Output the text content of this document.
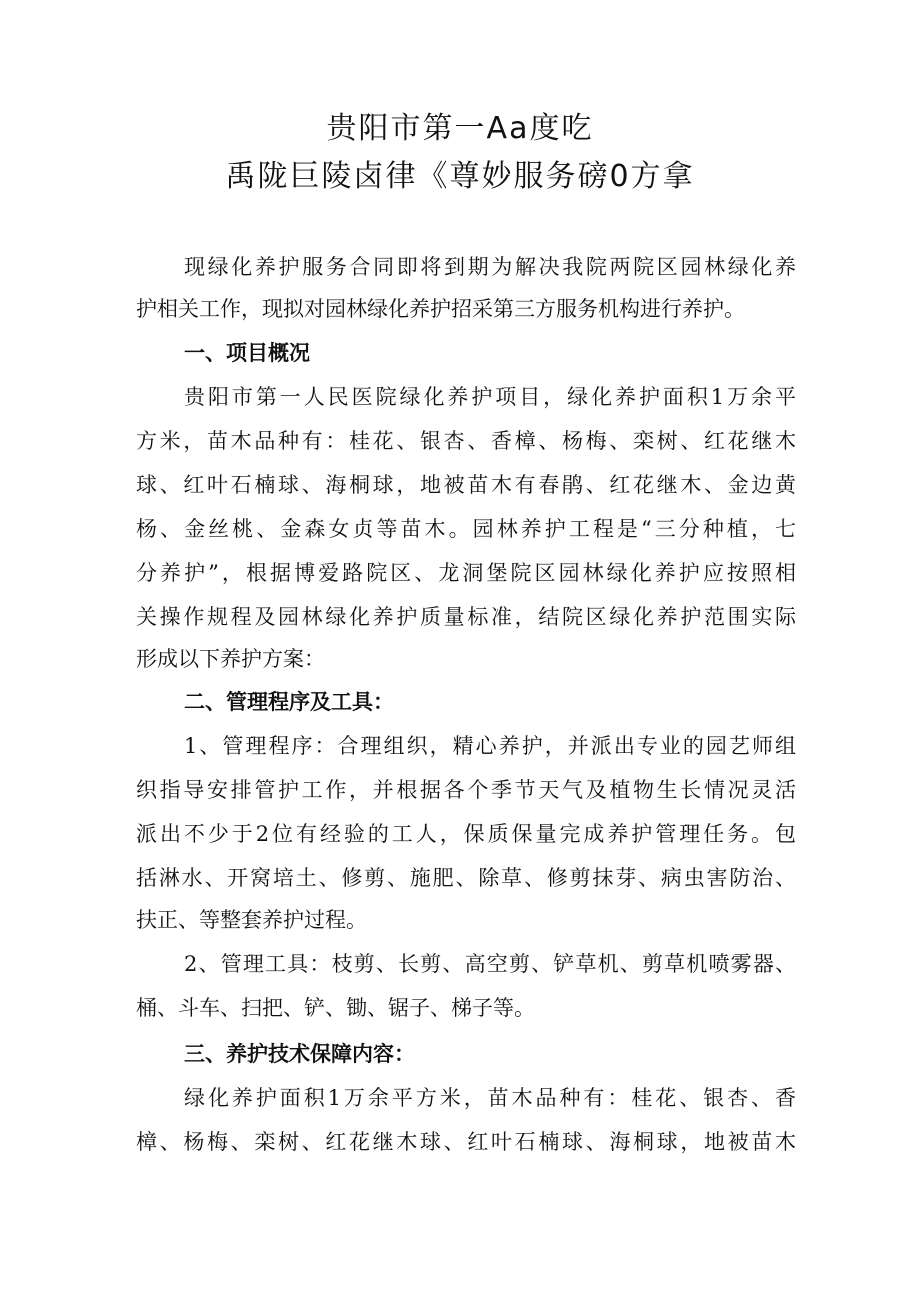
贵阳市第一Aa度吃
禹陇巨陵卤律《尊妙服务磅0方拿

现绿化养护服务合同即将到期为解决我院两院区园林绿化养

护相关工作，现拟对园林绿化养护招采第三方服务机构进行养护。

一、项目概况

贵阳市第一人民医院绿化养护项目，绿化养护面积1万余平

方米，苗木品种有：桂花、银杏、香樟、杨梅、栾树、红花继木

球、红叶石楠球、海桐球，地被苗木有春鹃、红花继木、金边黄

杨、金丝桃、金森女贞等苗木。园林养护工程是“三分种植，七

分养护”，根据博爱路院区、龙洞堡院区园林绿化养护应按照相

关操作规程及园林绿化养护质量标准，结院区绿化养护范围实际

形成以下养护方案：

二、管理程序及工具：

1、管理程序：合理组织，精心养护，并派出专业的园艺师组

织指导安排管护工作，并根据各个季节天气及植物生长情况灵活

派出不少于2位有经验的工人，保质保量完成养护管理任务。包

括淋水、开窝培土、修剪、施肥、除草、修剪抹芽、病虫害防治、

扶正、等整套养护过程。

2、管理工具：枝剪、长剪、高空剪、铲草机、剪草机喷雾器、

桶、斗车、扫把、铲、锄、锯子、梯子等。

三、养护技术保障内容：

绿化养护面积1万余平方米，苗木品种有：桂花、银杏、香

樟、杨梅、栾树、红花继木球、红叶石楠球、海桐球，地被苗木
